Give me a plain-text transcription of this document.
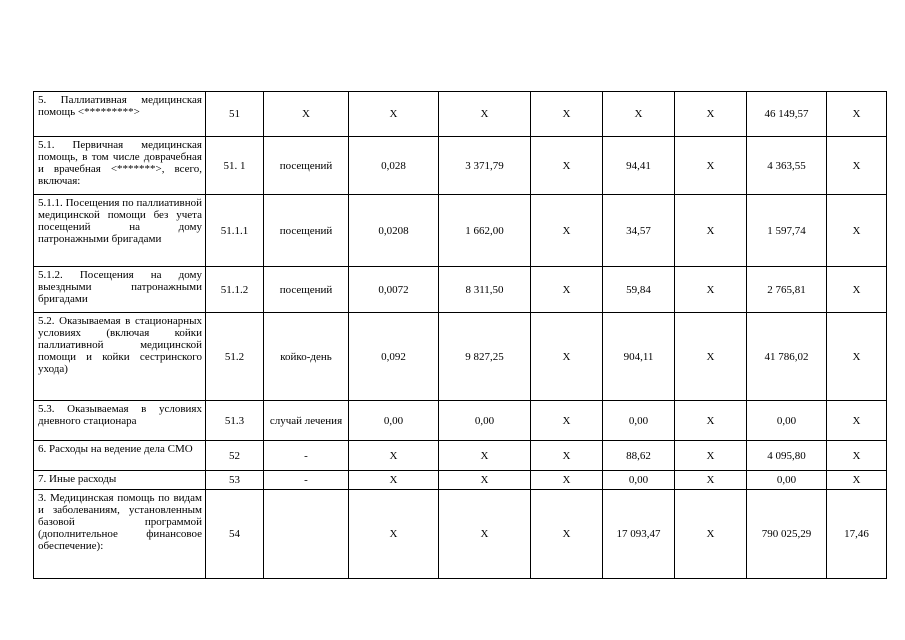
5. Паллиативная медицинская помощь <*********>	51	Х	Х	Х	Х	Х	Х	46 149,57	Х
5.1. Первичная медицинская помощь, в том числе доврачебная и врачебная <*******>, всего, включая:	51. 1	посещений	0,028	3 371,79	Х	94,41	Х	4 363,55	Х
5.1.1. Посещения по паллиативной медицинской помощи без учета посещений на дому патронажными бригадами	51.1.1	посещений	0,0208	1 662,00	Х	34,57	Х	1 597,74	Х
5.1.2. Посещения на дому выездными патронажными бригадами	51.1.2	посещений	0,0072	8 311,50	Х	59,84	Х	2 765,81	Х
5.2. Оказываемая в стационарных условиях (включая койки паллиативной медицинской помощи и койки сестринского ухода)	51.2	койко-день	0,092	9 827,25	Х	904,11	Х	41 786,02	Х
5.3. Оказываемая в условиях дневного стационара	51.3	случай лечения	0,00	0,00	Х	0,00	Х	0,00	Х
6. Расходы на ведение дела СМО	52	-	Х	Х	Х	88,62	Х	4 095,80	Х
7. Иные расходы	53	-	Х	Х	Х	0,00	Х	0,00	Х
3. Медицинская помощь по видам и заболеваниям, установленным базовой программой (дополнительное финансовое обеспечение):	54		Х	Х	Х	17 093,47	Х	790 025,29	17,46
